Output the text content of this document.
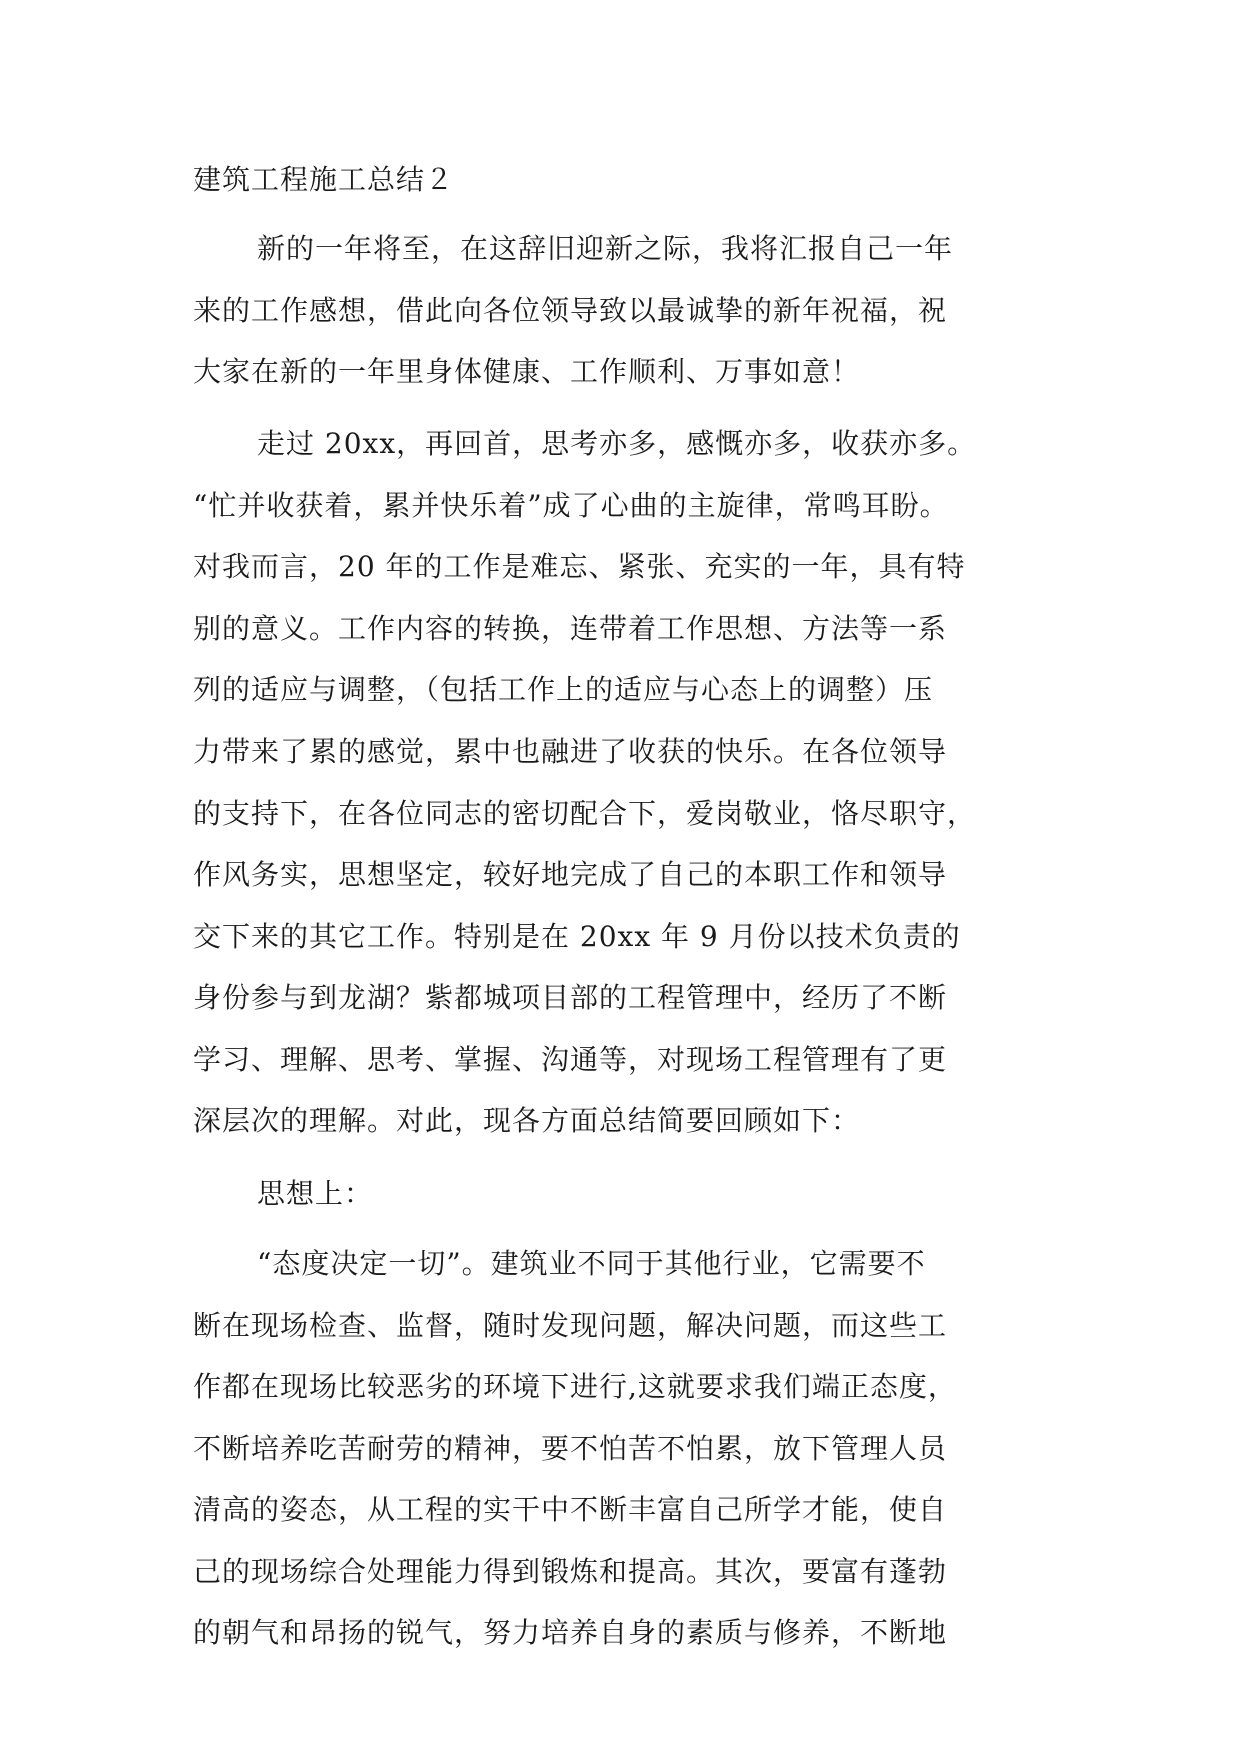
建筑工程施工总结２
新的一年将至，在这辞旧迎新之际，我将汇报自己一年
来的工作感想，借此向各位领导致以最诚挚的新年祝福，祝
大家在新的一年里身体健康、工作顺利、万事如意！
走过 20xx，再回首，思考亦多，感慨亦多，收获亦多。
“忙并收获着，累并快乐着”成了心曲的主旋律，常鸣耳盼。
对我而言，20 年的工作是难忘、紧张、充实的一年，具有特
别的意义。工作内容的转换，连带着工作思想、方法等一系
列的适应与调整，（包括工作上的适应与心态上的调整）压
力带来了累的感觉，累中也融进了收获的快乐。在各位领导
的支持下，在各位同志的密切配合下，爱岗敬业，恪尽职守，
作风务实，思想坚定，较好地完成了自己的本职工作和领导
交下来的其它工作。特别是在 20xx 年 9 月份以技术负责的
身份参与到龙湖？紫都城项目部的工程管理中，经历了不断
学习、理解、思考、掌握、沟通等，对现场工程管理有了更
深层次的理解。对此，现各方面总结简要回顾如下：
思想上：
“态度决定一切”。建筑业不同于其他行业，它需要不
断在现场检查、监督，随时发现问题，解决问题，而这些工
作都在现场比较恶劣的环境下进行,这就要求我们端正态度，
不断培养吃苦耐劳的精神，要不怕苦不怕累，放下管理人员
清高的姿态，从工程的实干中不断丰富自己所学才能，使自
己的现场综合处理能力得到锻炼和提高。其次，要富有蓬勃
的朝气和昂扬的锐气，努力培养自身的素质与修养，不断地
